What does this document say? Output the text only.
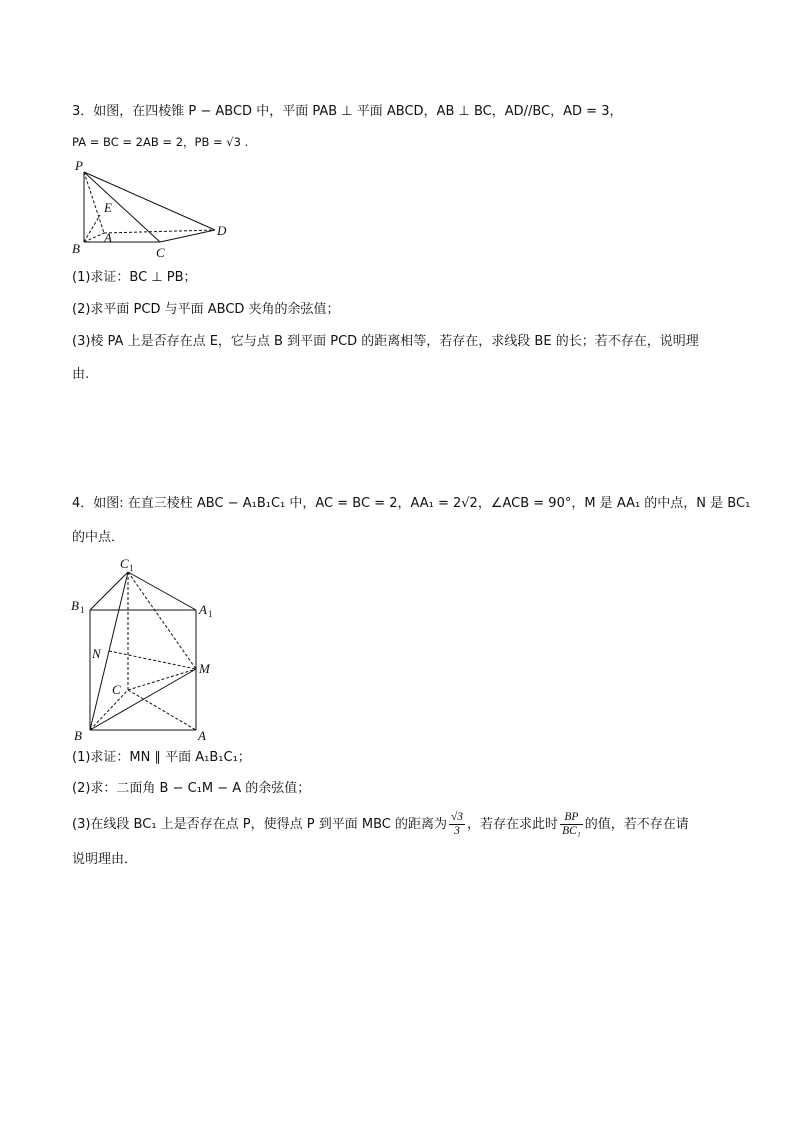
3．如图，在四棱锥 P − ABCD 中，平面 PAB ⊥ 平面 ABCD，AB ⊥ BC，AD//BC，AD = 3，
PA = BC = 2AB = 2，PB = √3 .
P
E
A
B	C
D
(1)求证：BC ⊥ PB；
(2)求平面 PCD 与平面 ABCD 夹角的余弦值；
(3)棱 PA 上是否存在点 E，它与点 B 到平面 PCD 的距离相等，若存在，求线段 BE 的长；若不存在，说明理
由.
4．如图: 在直三棱柱 ABC − A₁B₁C₁ 中，AC = BC = 2，AA₁ = 2√2，∠ACB = 90°，M 是 AA₁ 的中点，N 是 BC₁
的中点．
C 1
B 1	A 1
N
M
C
B	A
(1)求证：MN ∥ 平面 A₁B₁C₁；
(2)求：二面角 B − C₁M − A 的余弦值；
(3)在线段 BC₁ 上是否存在点 P，使得点 P 到平面 MBC 的距离为 $\frac{√3}{3}$ ，若存在求此时 $\frac{BP}{\text{BC₁}}$ 的值，若不存在请
说明理由．
